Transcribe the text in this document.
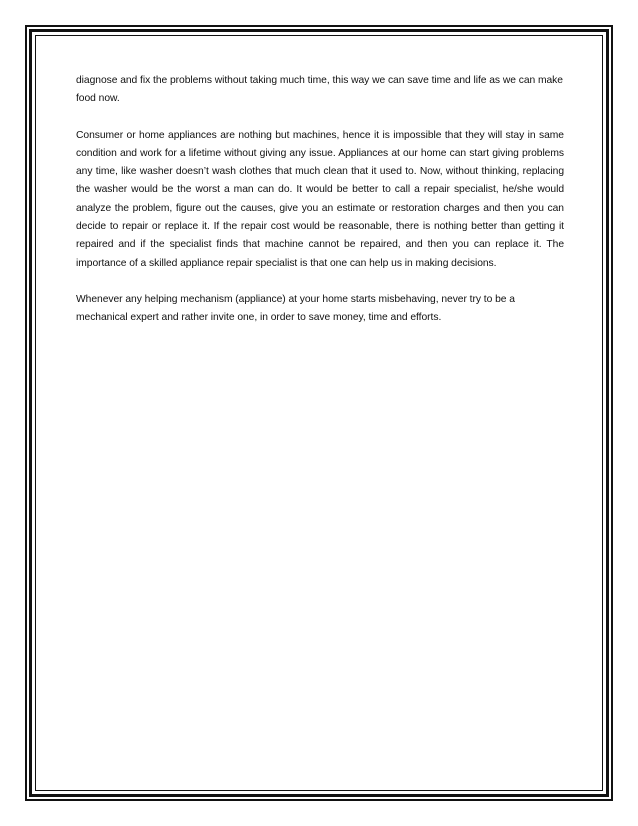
diagnose and fix the problems without taking much time, this way we can save time and life as we can make food now.

Consumer or home appliances are nothing but machines, hence it is impossible that they will stay in same condition and work for a lifetime without giving any issue. Appliances at our home can start giving problems any time, like washer doesn’t wash clothes that much clean that it used to. Now, without thinking, replacing the washer would be the worst a man can do. It would be better to call a repair specialist, he/she would analyze the problem, figure out the causes, give you an estimate or restoration charges and then you can decide to repair or replace it. If the repair cost would be reasonable, there is nothing better than getting it repaired and if the specialist finds that machine cannot be repaired, and then you can replace it. The importance of a skilled appliance repair specialist is that one can help us in making decisions.

Whenever any helping mechanism (appliance) at your home starts misbehaving, never try to be a mechanical expert and rather invite one, in order to save money, time and efforts.
